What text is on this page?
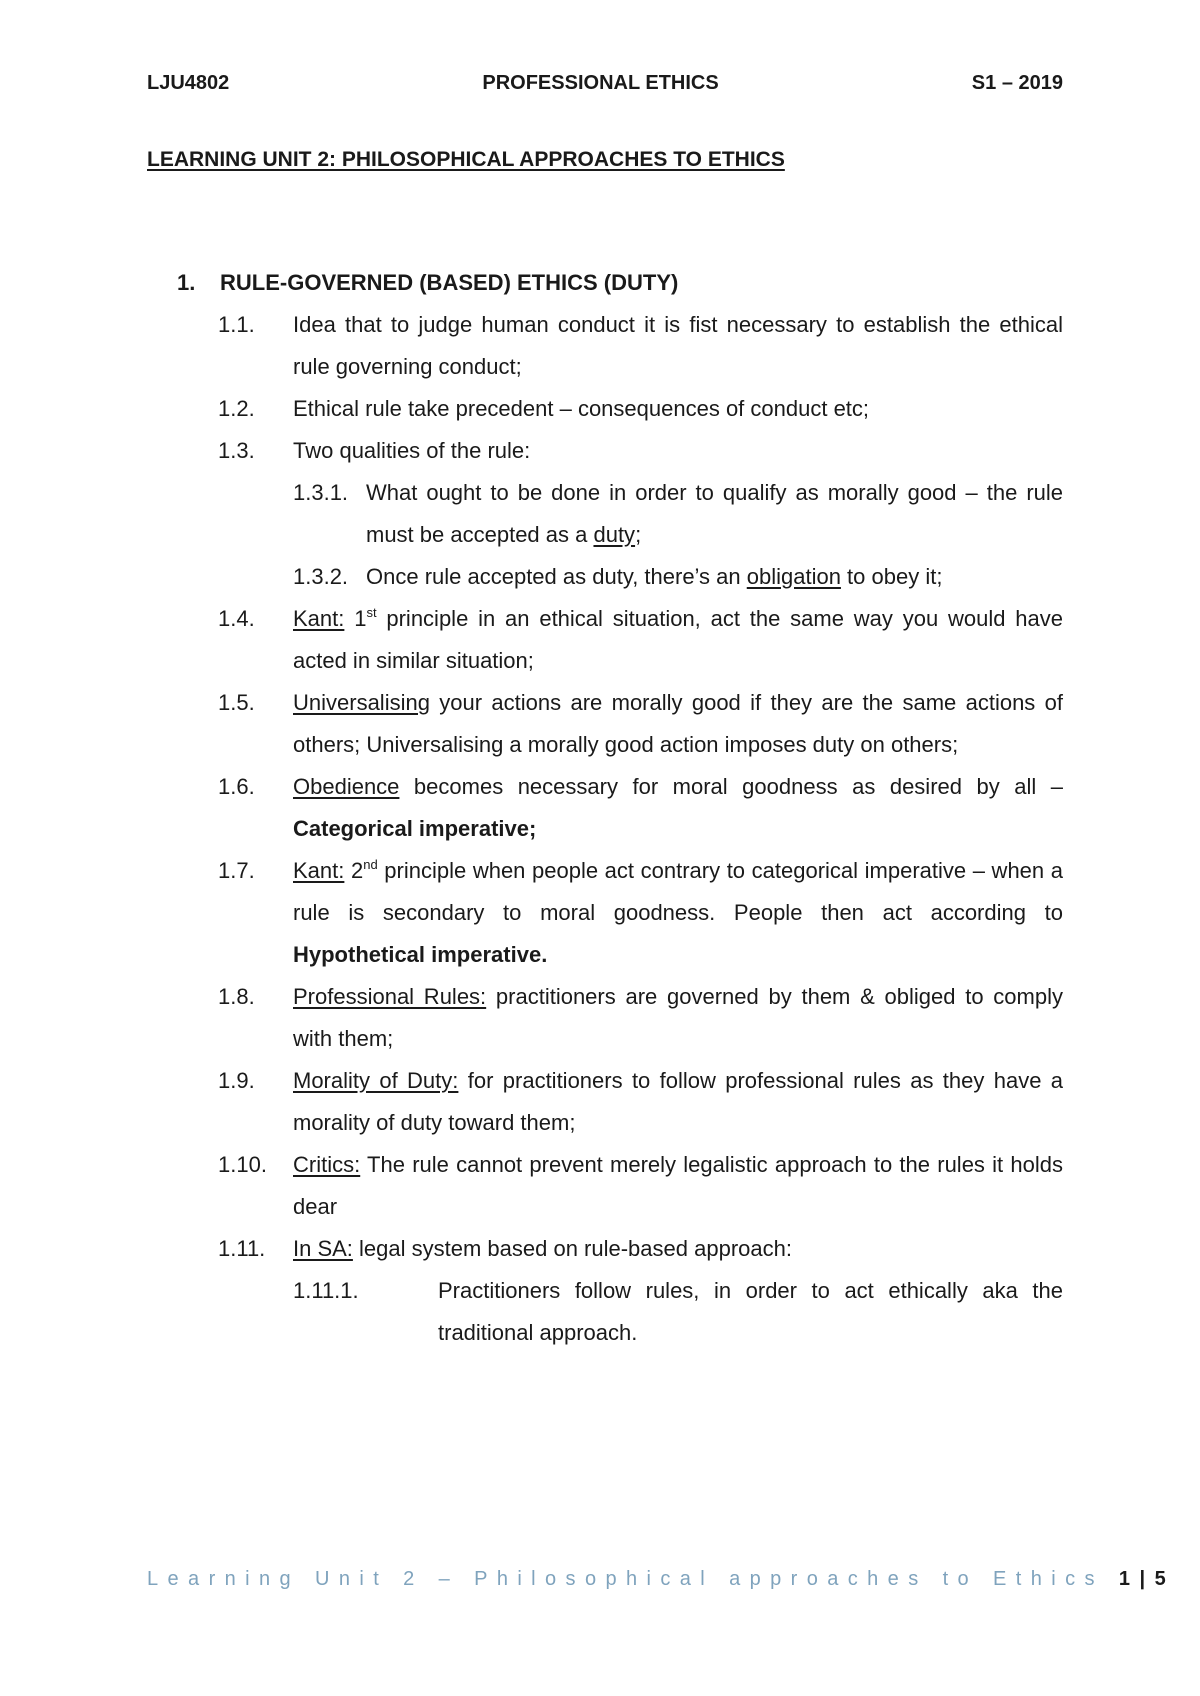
LJU4802	PROFESSIONAL ETHICS	S1 – 2019
LEARNING UNIT 2: PHILOSOPHICAL APPROACHES TO ETHICS
1. RULE-GOVERNED (BASED) ETHICS (DUTY)
1.1. Idea that to judge human conduct it is fist necessary to establish the ethical rule governing conduct;
1.2. Ethical rule take precedent – consequences of conduct etc;
1.3. Two qualities of the rule:
1.3.1. What ought to be done in order to qualify as morally good – the rule must be accepted as a duty;
1.3.2. Once rule accepted as duty, there’s an obligation to obey it;
1.4. Kant: 1st principle in an ethical situation, act the same way you would have acted in similar situation;
1.5. Universalising your actions are morally good if they are the same actions of others; Universalising a morally good action imposes duty on others;
1.6. Obedience becomes necessary for moral goodness as desired by all – Categorical imperative;
1.7. Kant: 2nd principle when people act contrary to categorical imperative – when a rule is secondary to moral goodness. People then act according to Hypothetical imperative.
1.8. Professional Rules: practitioners are governed by them & obliged to comply with them;
1.9. Morality of Duty: for practitioners to follow professional rules as they have a morality of duty toward them;
1.10. Critics: The rule cannot prevent merely legalistic approach to the rules it holds dear
1.11. In SA: legal system based on rule-based approach:
1.11.1.	Practitioners follow rules, in order to act ethically aka the traditional approach.
Learning Unit 2 – Philosophical approaches to Ethics 1 | 5
